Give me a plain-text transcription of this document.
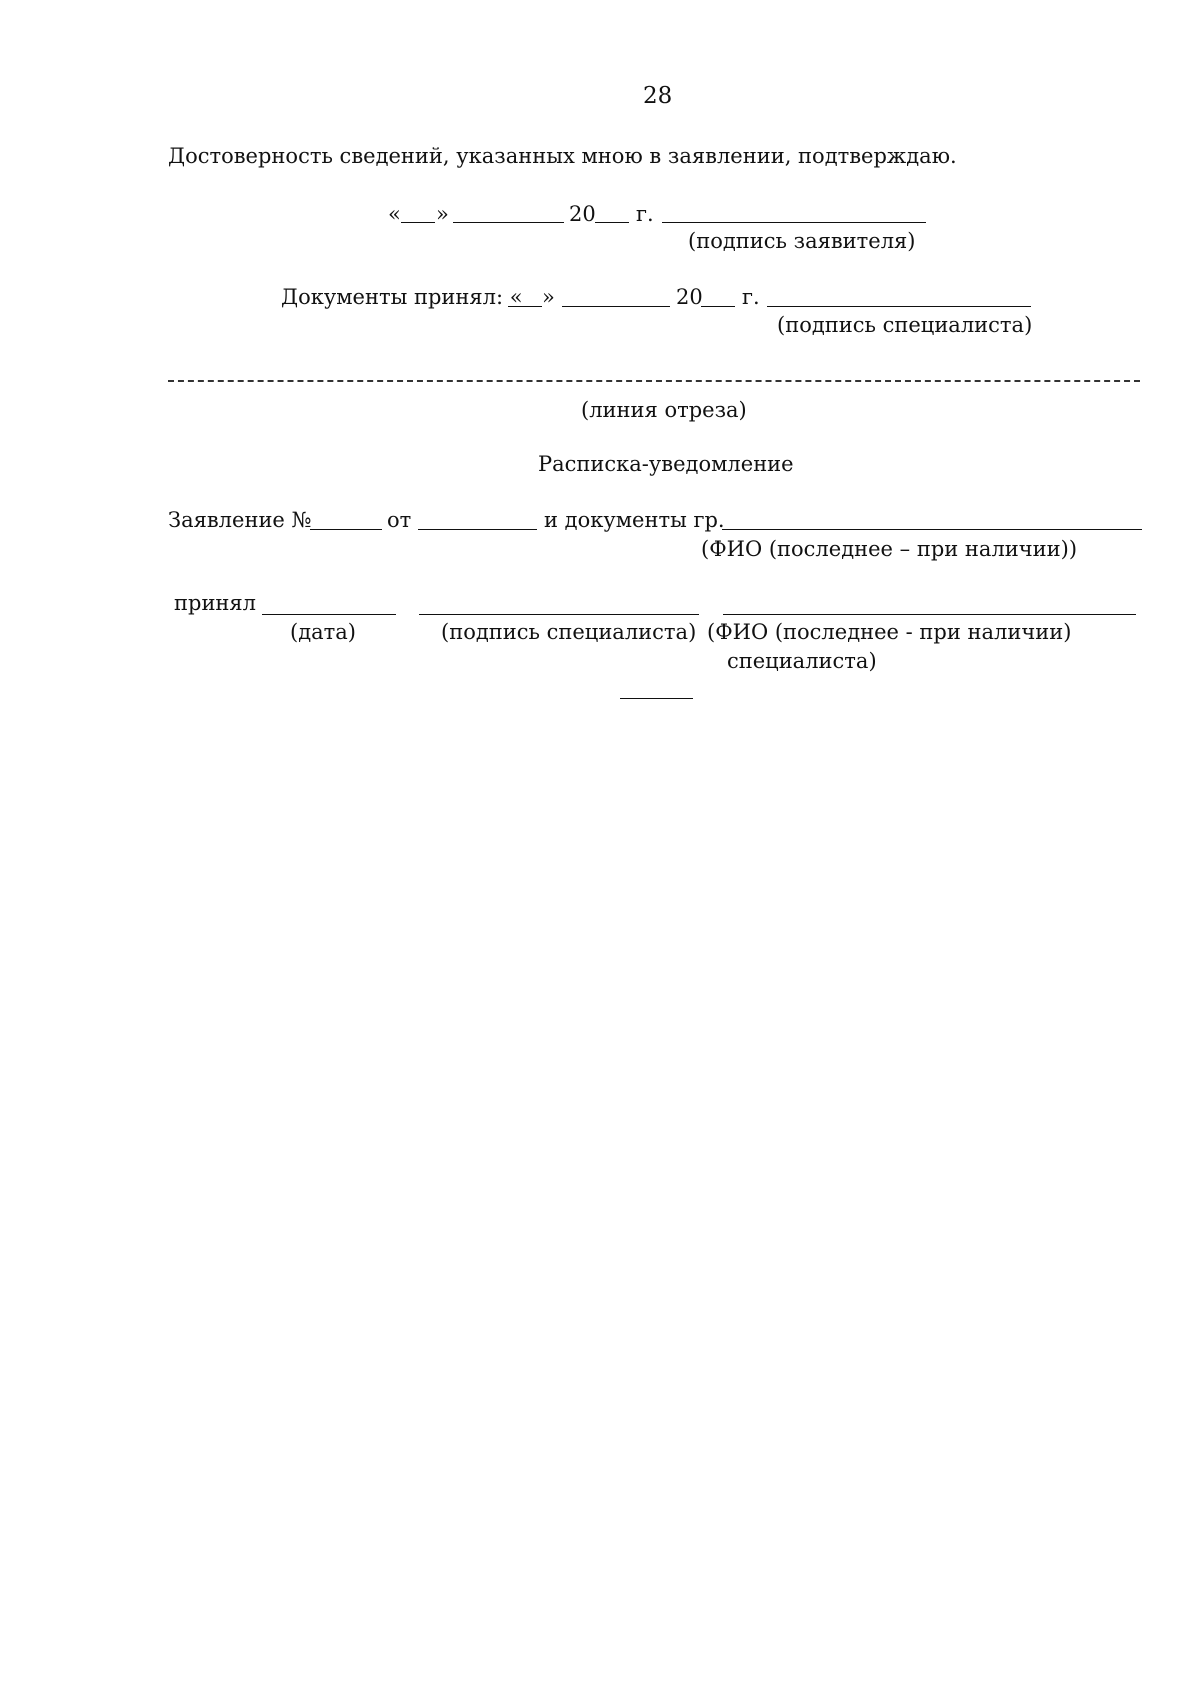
28
Достоверность сведений, указанных мною в заявлении, подтверждаю.
« »	20 г.
(подпись заявителя)
Документы принял: « »	20 г.
(подпись специалиста)
(линия отреза)
Расписка-уведомление
Заявление №	от	и документы гр.
(ФИО (последнее – при наличии))
принял
(дата)	(подпись специалиста) (ФИО (последнее - при наличии)
специалиста)
